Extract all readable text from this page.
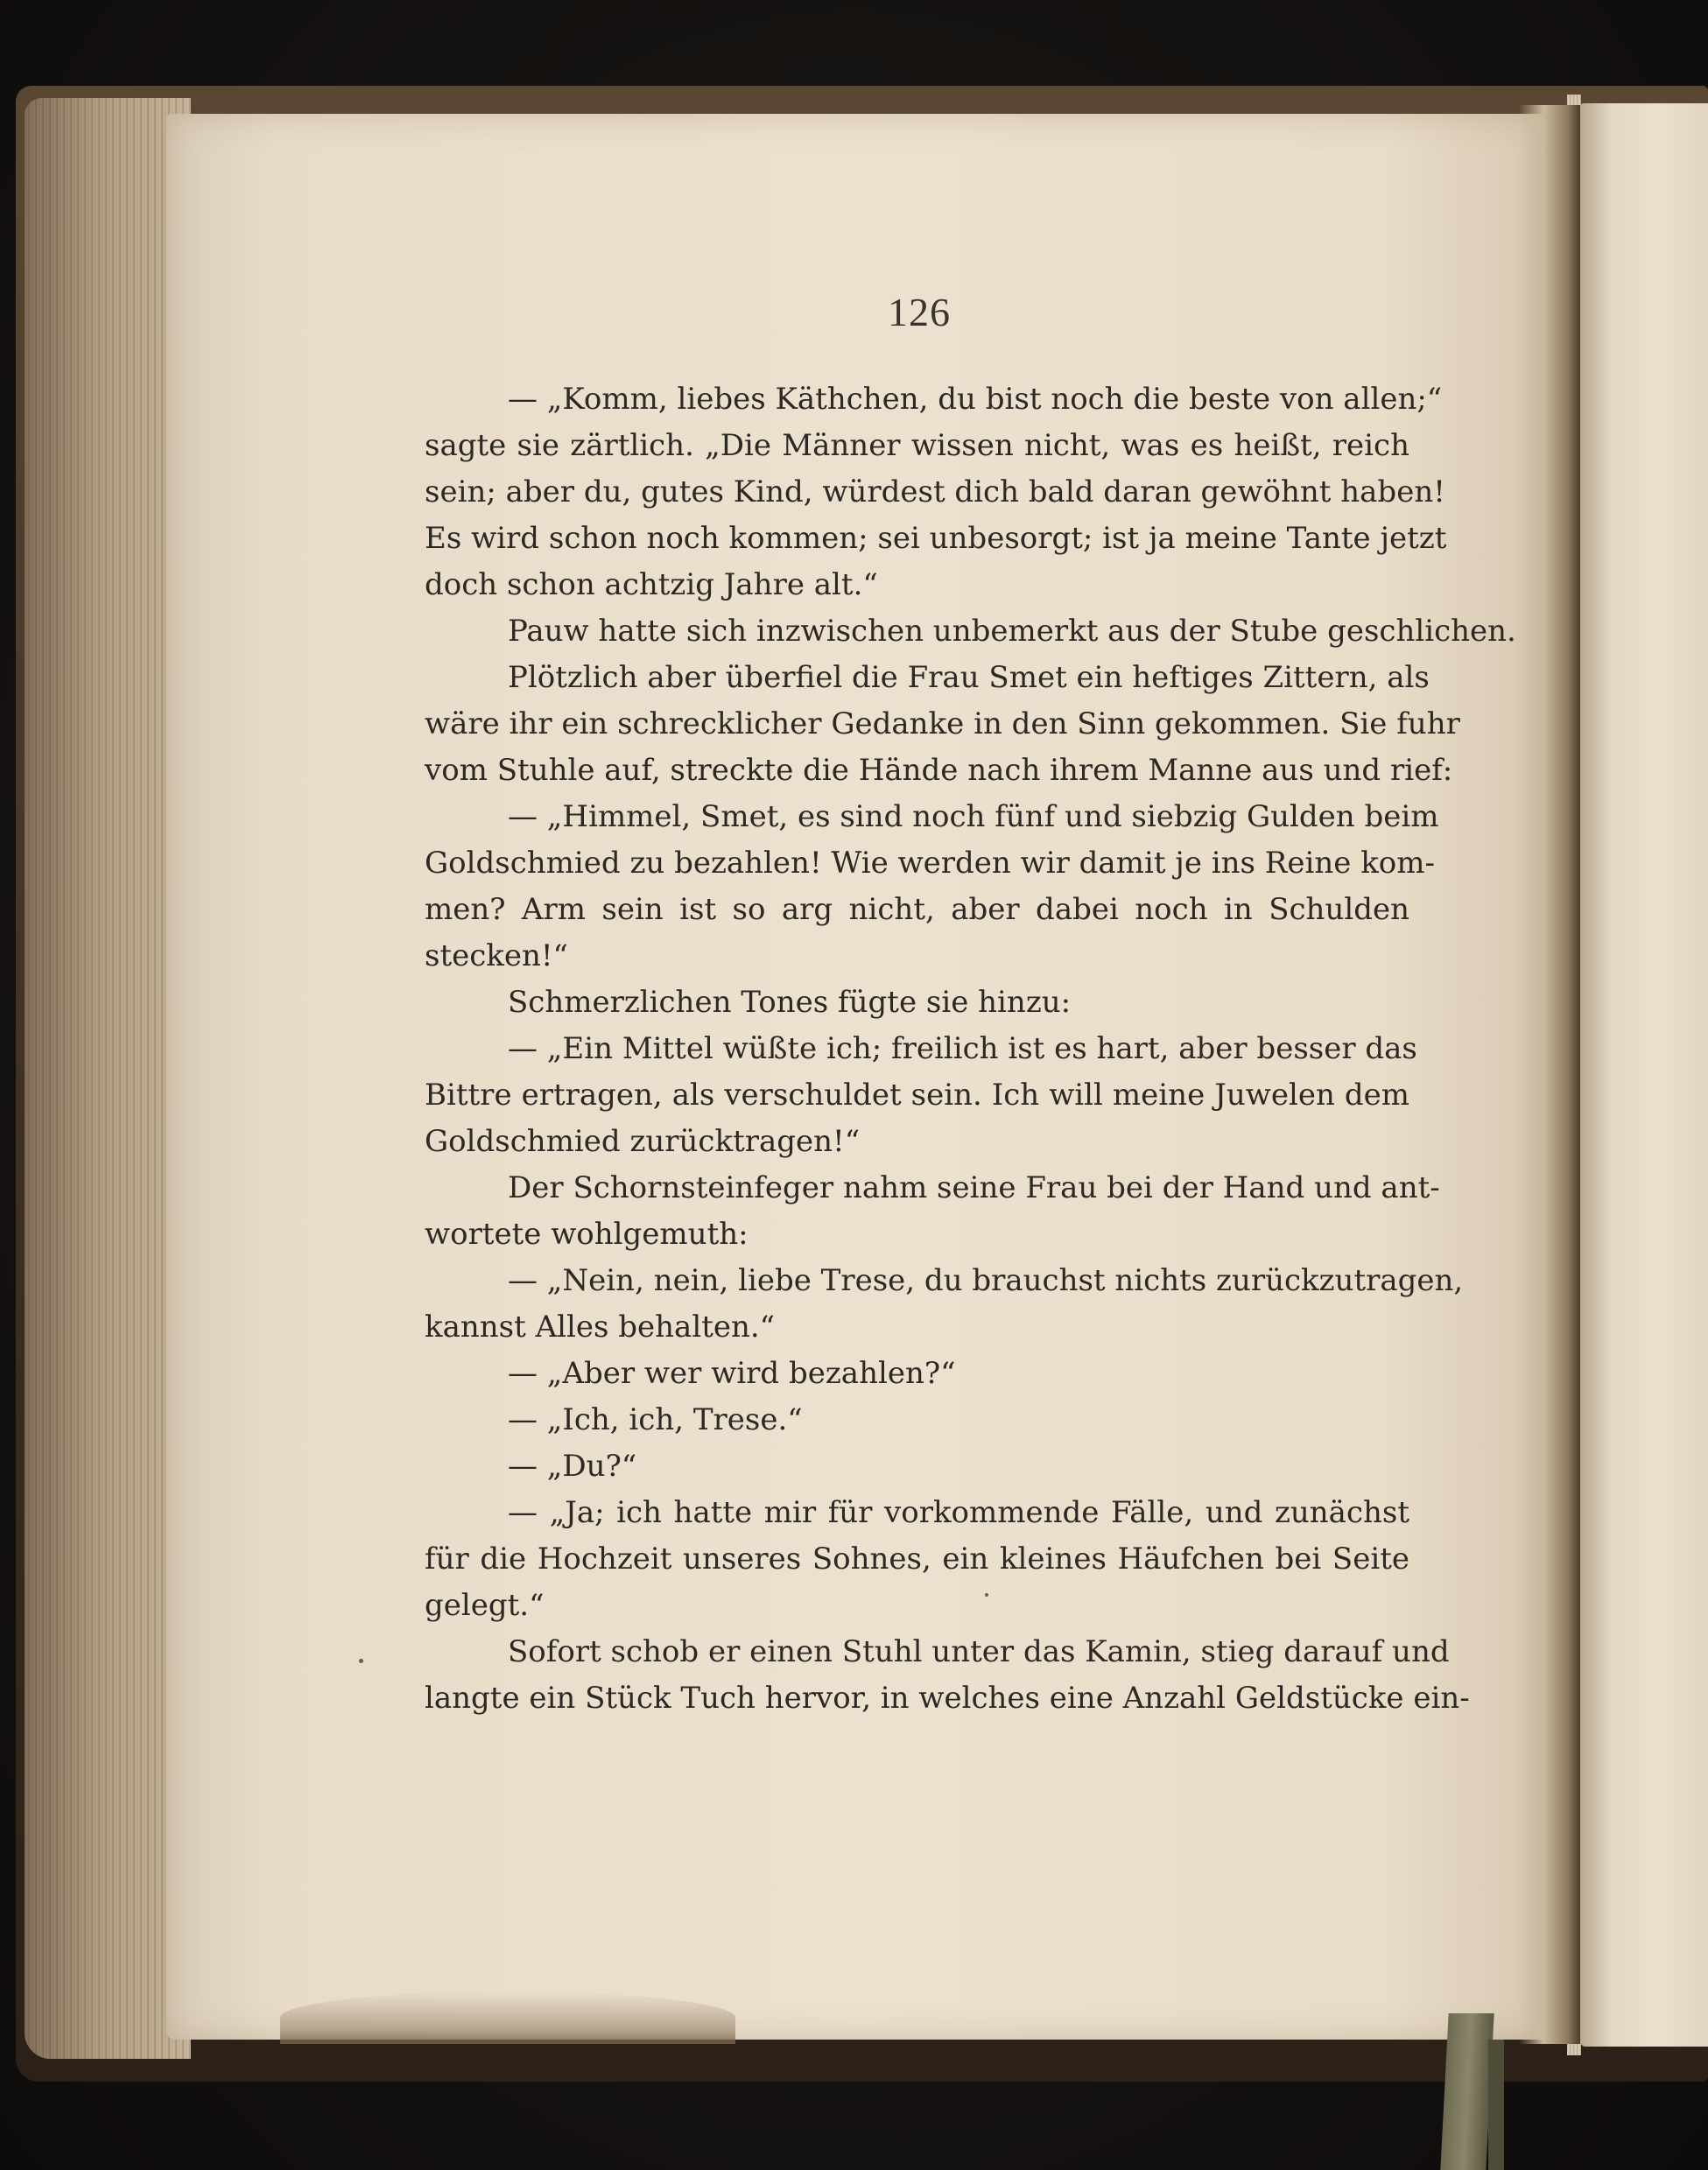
126
— „Komm, liebes Käthchen, du bist noch die beste von allen;“
sagte sie zärtlich. „Die Männer wissen nicht, was es heißt, reich
sein; aber du, gutes Kind, würdest dich bald daran gewöhnt haben!
Es wird schon noch kommen; sei unbesorgt; ist ja meine Tante jetzt
doch schon achtzig Jahre alt.“
Pauw hatte sich inzwischen unbemerkt aus der Stube geschlichen.
Plötzlich aber überfiel die Frau Smet ein heftiges Zittern, als
wäre ihr ein schrecklicher Gedanke in den Sinn gekommen. Sie fuhr
vom Stuhle auf, streckte die Hände nach ihrem Manne aus und rief:
— „Himmel, Smet, es sind noch fünf und siebzig Gulden beim
Goldschmied zu bezahlen! Wie werden wir damit je ins Reine kom-
men? Arm sein ist so arg nicht, aber dabei noch in Schulden
stecken!“
Schmerzlichen Tones fügte sie hinzu:
— „Ein Mittel wüßte ich; freilich ist es hart, aber besser das
Bittre ertragen, als verschuldet sein. Ich will meine Juwelen dem
Goldschmied zurücktragen!“
Der Schornsteinfeger nahm seine Frau bei der Hand und ant-
wortete wohlgemuth:
— „Nein, nein, liebe Trese, du brauchst nichts zurückzutragen,
kannst Alles behalten.“
— „Aber wer wird bezahlen?“
— „Ich, ich, Trese.“
— „Du?“
— „Ja; ich hatte mir für vorkommende Fälle, und zunächst
für die Hochzeit unseres Sohnes, ein kleines Häufchen bei Seite
gelegt.“
Sofort schob er einen Stuhl unter das Kamin, stieg darauf und
langte ein Stück Tuch hervor, in welches eine Anzahl Geldstücke ein-
